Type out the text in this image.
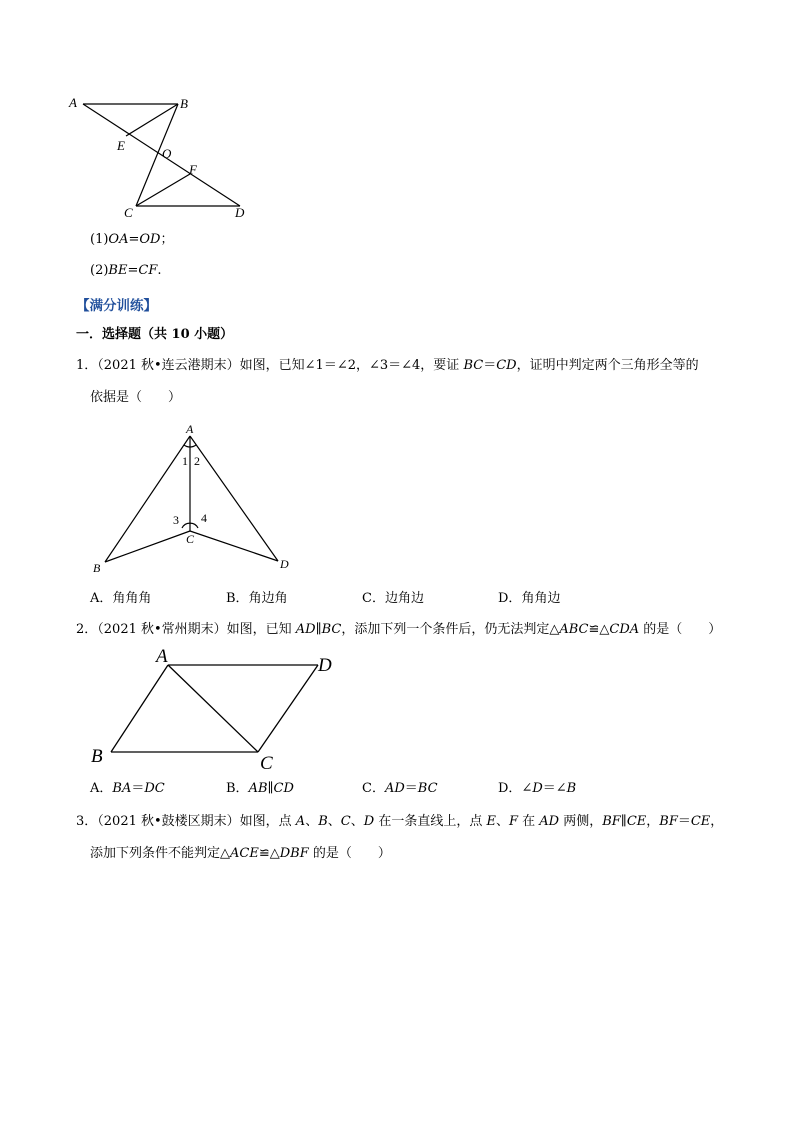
A	B
E
O
F
C	D
(1)OA=OD；
(2)BE=CF.
【满分训练】
一．选择题（共 10 小题）
1．（2021 秋•连云港期末）如图，已知∠1＝∠2，∠3＝∠4，要证 BC＝CD，证明中判定两个三角形全等的
依据是（　　）
A
B
C
D
1 2
3 4
A．角角角	B．角边角	C．边角边	D．角角边
2．（2021 秋•常州期末）如图，已知 AD∥BC，添加下列一个条件后，仍无法判定△ABC≌△CDA 的是（　　）
A	D
B	C
A．BA＝DC	B．AB∥CD	C．AD＝BC	D．∠D＝∠B
3．（2021 秋•鼓楼区期末）如图，点 A、B、C、D 在一条直线上，点 E、F 在 AD 两侧，BF∥CE，BF＝CE，
添加下列条件不能判定△ACE≌△DBF 的是（　　）
